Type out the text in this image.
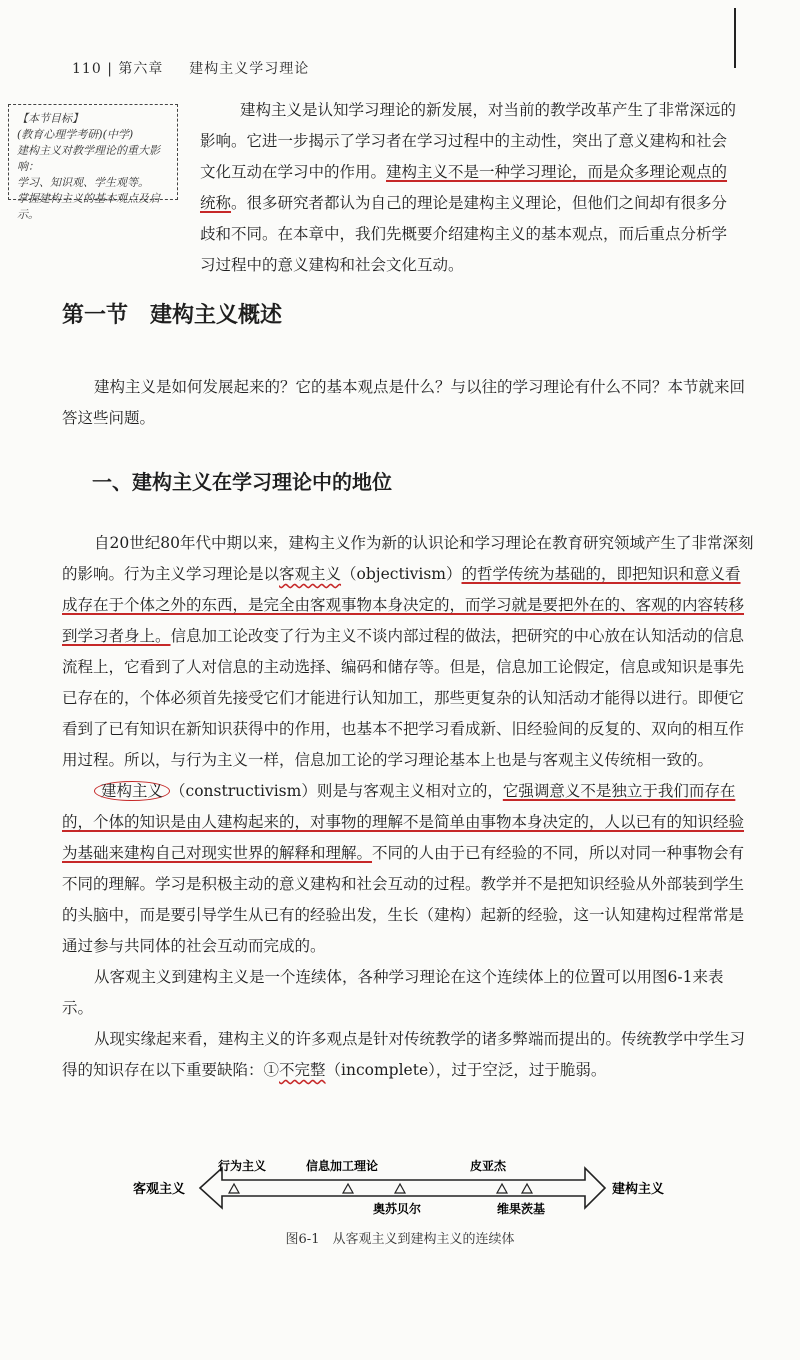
110 | 第六章 　 建构主义学习理论
【本节目标】
(教育心理学考研)(中学)
建构主义对教学理论的重大影响：
学习、知识观、学生观等。
掌握建构主义的基本观点及启示。
建构主义是认知学习理论的新发展，对当前的教学改革产生了非常深远的影响。它进一步揭示了学习者在学习过程中的主动性，突出了意义建构和社会文化互动在学习中的作用。建构主义不是一种学习理论，而是众多理论观点的统称。很多研究者都认为自己的理论是建构主义理论，但他们之间却有很多分歧和不同。在本章中，我们先概要介绍建构主义的基本观点，而后重点分析学习过程中的意义建构和社会文化互动。
第一节　建构主义概述

建构主义是如何发展起来的？它的基本观点是什么？与以往的学习理论有什么不同？本节就来回答这些问题。

一、建构主义在学习理论中的地位

自20世纪80年代中期以来，建构主义作为新的认识论和学习理论在教育研究领域产生了非常深刻的影响。行为主义学习理论是以客观主义（objectivism）的哲学传统为基础的，即把知识和意义看成存在于个体之外的东西，是完全由客观事物本身决定的，而学习就是要把外在的、客观的内容转移到学习者身上。信息加工论改变了行为主义不谈内部过程的做法，把研究的中心放在认知活动的信息流程上，它看到了人对信息的主动选择、编码和储存等。但是，信息加工论假定，信息或知识是事先已存在的，个体必须首先接受它们才能进行认知加工，那些更复杂的认知活动才能得以进行。即便它看到了已有知识在新知识获得中的作用，也基本不把学习看成新、旧经验间的反复的、双向的相互作用过程。所以，与行为主义一样，信息加工论的学习理论基本上也是与客观主义传统相一致的。

建构主义 （constructivism）则是与客观主义相对立的，它强调意义不是独立于我们而存在的，个体的知识是由人建构起来的，对事物的理解不是简单由事物本身决定的，人以已有的知识经验为基础来建构自己对现实世界的解释和理解。不同的人由于已有经验的不同，所以对同一种事物会有不同的理解。学习是积极主动的意义建构和社会互动的过程。教学并不是把知识经验从外部装到学生的头脑中，而是要引导学生从已有的经验出发，生长（建构）起新的经验，这一认知建构过程常常是通过参与共同体的社会互动而完成的。

从客观主义到建构主义是一个连续体，各种学习理论在这个连续体上的位置可以用图6-1来表示。

从现实缘起来看，建构主义的许多观点是针对传统教学的诸多弊端而提出的。传统教学中学生习得的知识存在以下重要缺陷：①不完整（incomplete），过于空泛，过于脆弱。

客观主义	建构主义
行为主义	信息加工理论
奥苏贝尔
皮亚杰
维果茨基
图6-1　从客观主义到建构主义的连续体
